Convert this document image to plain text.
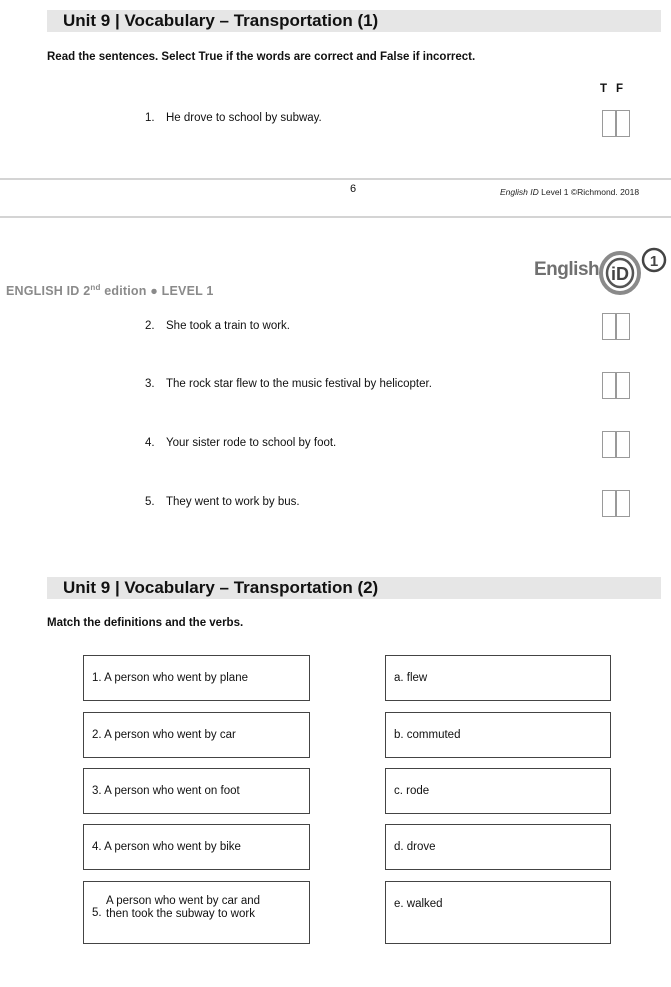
Unit 9 | Vocabulary – Transportation (1)
Read the sentences. Select True if the words are correct and False if incorrect.
T F
1. He drove to school by subway.
6	English ID Level 1 ©Richmond. 2018
ENGLISH ID 2nd edition ● LEVEL 1
English iD
1
2. She took a train to work.
3. The rock star flew to the music festival by helicopter.
4. Your sister rode to school by foot.
5. They went to work by bus.
Unit 9 | Vocabulary – Transportation (2)
Match the definitions and the verbs.
1. A person who went by plane
2. A person who went by car
3. A person who went on foot
4. A person who went by bike
5.
A person who went by car and
then took the subway to work
a. flew
b. commuted
c. rode
d. drove
e. walked
